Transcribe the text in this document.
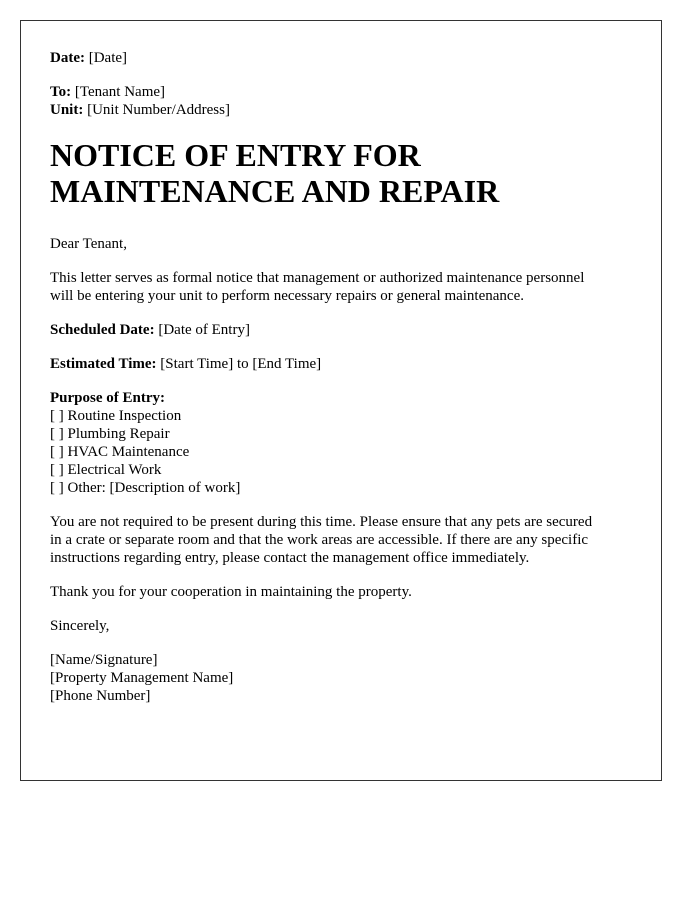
Date: [Date]
To: [Tenant Name]
Unit: [Unit Number/Address]
NOTICE OF ENTRY FOR
MAINTENANCE AND REPAIR
Dear Tenant,
This letter serves as formal notice that management or authorized maintenance personnel
will be entering your unit to perform necessary repairs or general maintenance.
Scheduled Date: [Date of Entry]
Estimated Time: [Start Time] to [End Time]
Purpose of Entry:
[ ] Routine Inspection
[ ] Plumbing Repair
[ ] HVAC Maintenance
[ ] Electrical Work
[ ] Other: [Description of work]
You are not required to be present during this time. Please ensure that any pets are secured
in a crate or separate room and that the work areas are accessible. If there are any specific
instructions regarding entry, please contact the management office immediately.
Thank you for your cooperation in maintaining the property.
Sincerely,
[Name/Signature]
[Property Management Name]
[Phone Number]
